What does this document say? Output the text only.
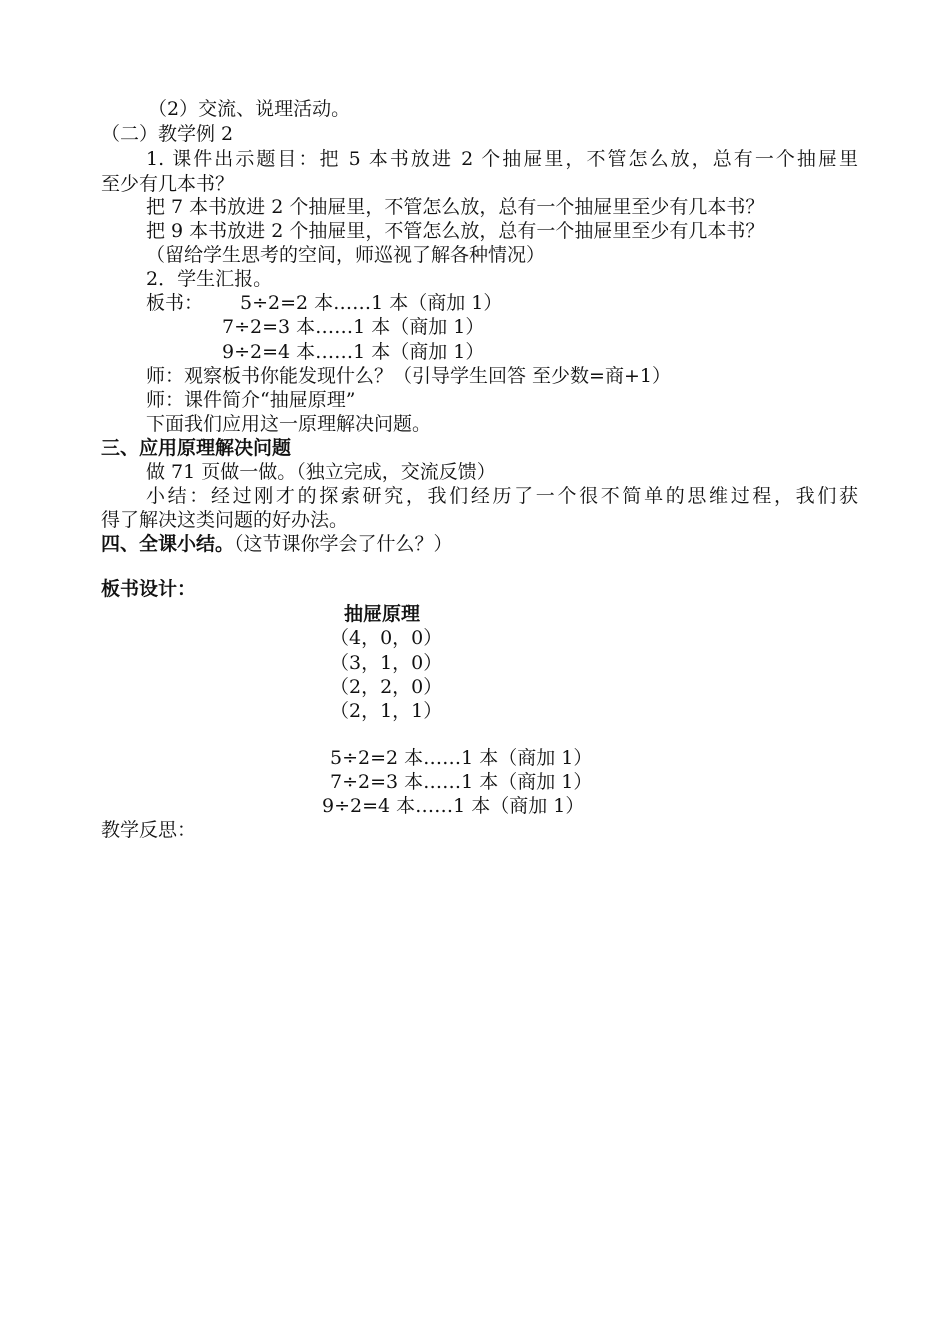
（2）交流、说理活动。
（二）教学例 2
1. 课件出示题目：把 5 本书放进 2 个抽屉里，不管怎么放，总有一个抽屉里
至少有几本书？
把 7 本书放进 2 个抽屉里，不管怎么放，总有一个抽屉里至少有几本书？
把 9 本书放进 2 个抽屉里，不管怎么放，总有一个抽屉里至少有几本书？
（留给学生思考的空间，师巡视了解各种情况）
2．学生汇报。
板书： 5÷2=2 本……1 本（商加 1）
7÷2=3 本……1 本（商加 1）
9÷2=4 本……1 本（商加 1）
师：观察板书你能发现什么？（引导学生回答 至少数=商+1）
师：课件简介“抽屉原理”
下面我们应用这一原理解决问题。
三、应用原理解决问题
做 71 页做一做。（独立完成，交流反馈）
小结：经过刚才的探索研究，我们经历了一个很不简单的思维过程，我们获
得了解决这类问题的好办法。
四、全课小结。（这节课你学会了什么？）
板书设计：
抽屉原理
（4，0，0）
（3，1，0）
（2，2，0）
（2，1，1）
5÷2=2 本……1 本（商加 1）
7÷2=3 本……1 本（商加 1）
9÷2=4 本……1 本（商加 1）
教学反思：
